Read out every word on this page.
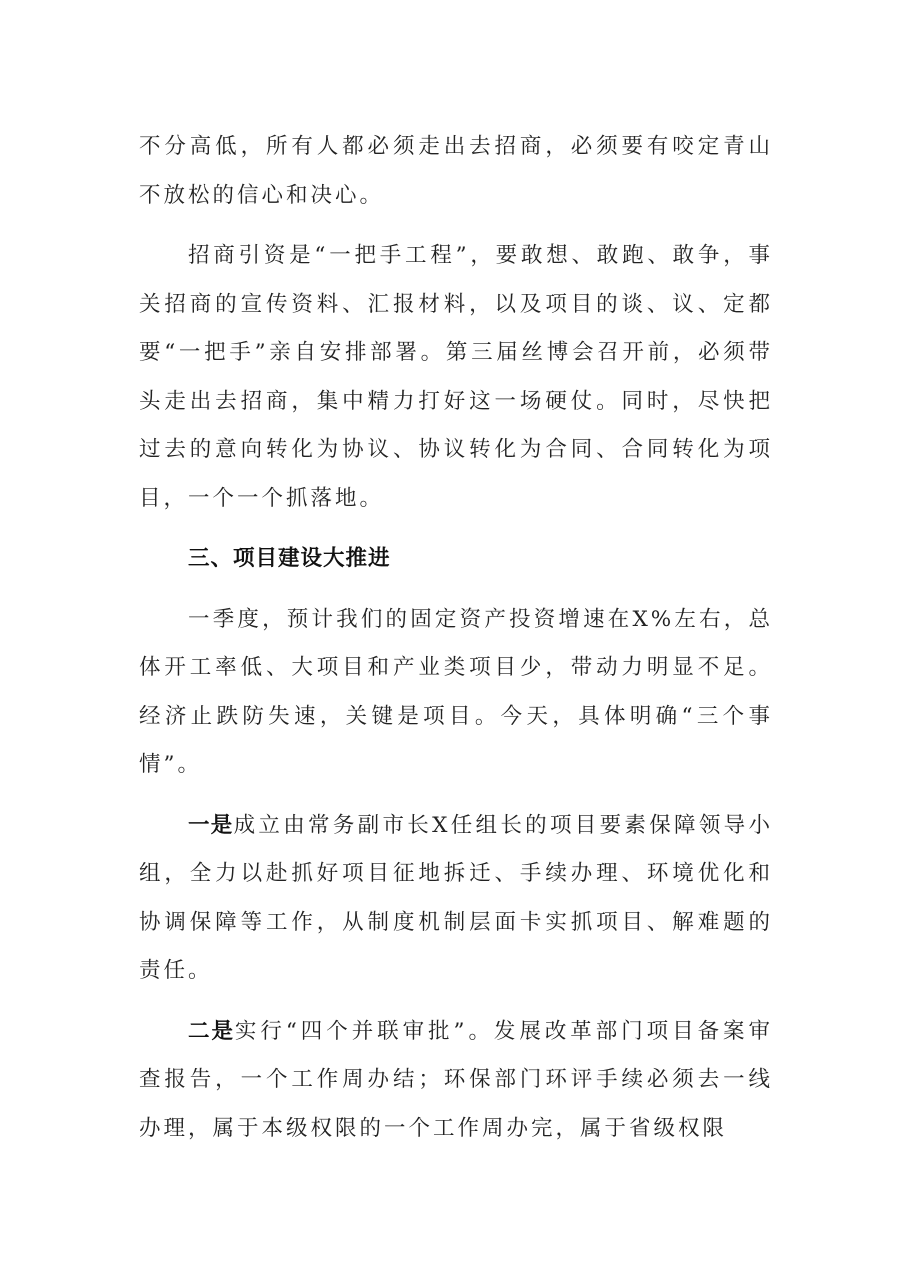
不分高低，所有人都必须走出去招商，必须要有咬定青山不放松的信心和决心。

招商引资是“一把手工程”，要敢想、敢跑、敢争，事关招商的宣传资料、汇报材料，以及项目的谈、议、定都要“一把手”亲自安排部署。第三届丝博会召开前，必须带头走出去招商，集中精力打好这一场硬仗。同时，尽快把过去的意向转化为协议、协议转化为合同、合同转化为项目，一个一个抓落地。

三、项目建设大推进

一季度，预计我们的固定资产投资增速在X%左右，总体开工率低、大项目和产业类项目少，带动力明显不足。经济止跌防失速，关键是项目。今天，具体明确“三个事情”。

一是成立由常务副市长X任组长的项目要素保障领导小组，全力以赴抓好项目征地拆迁、手续办理、环境优化和协调保障等工作，从制度机制层面卡实抓项目、解难题的责任。

二是实行“四个并联审批”。发展改革部门项目备案审查报告，一个工作周办结；环保部门环评手续必须去一线办理，属于本级权限的一个工作周办完，属于省级权限
